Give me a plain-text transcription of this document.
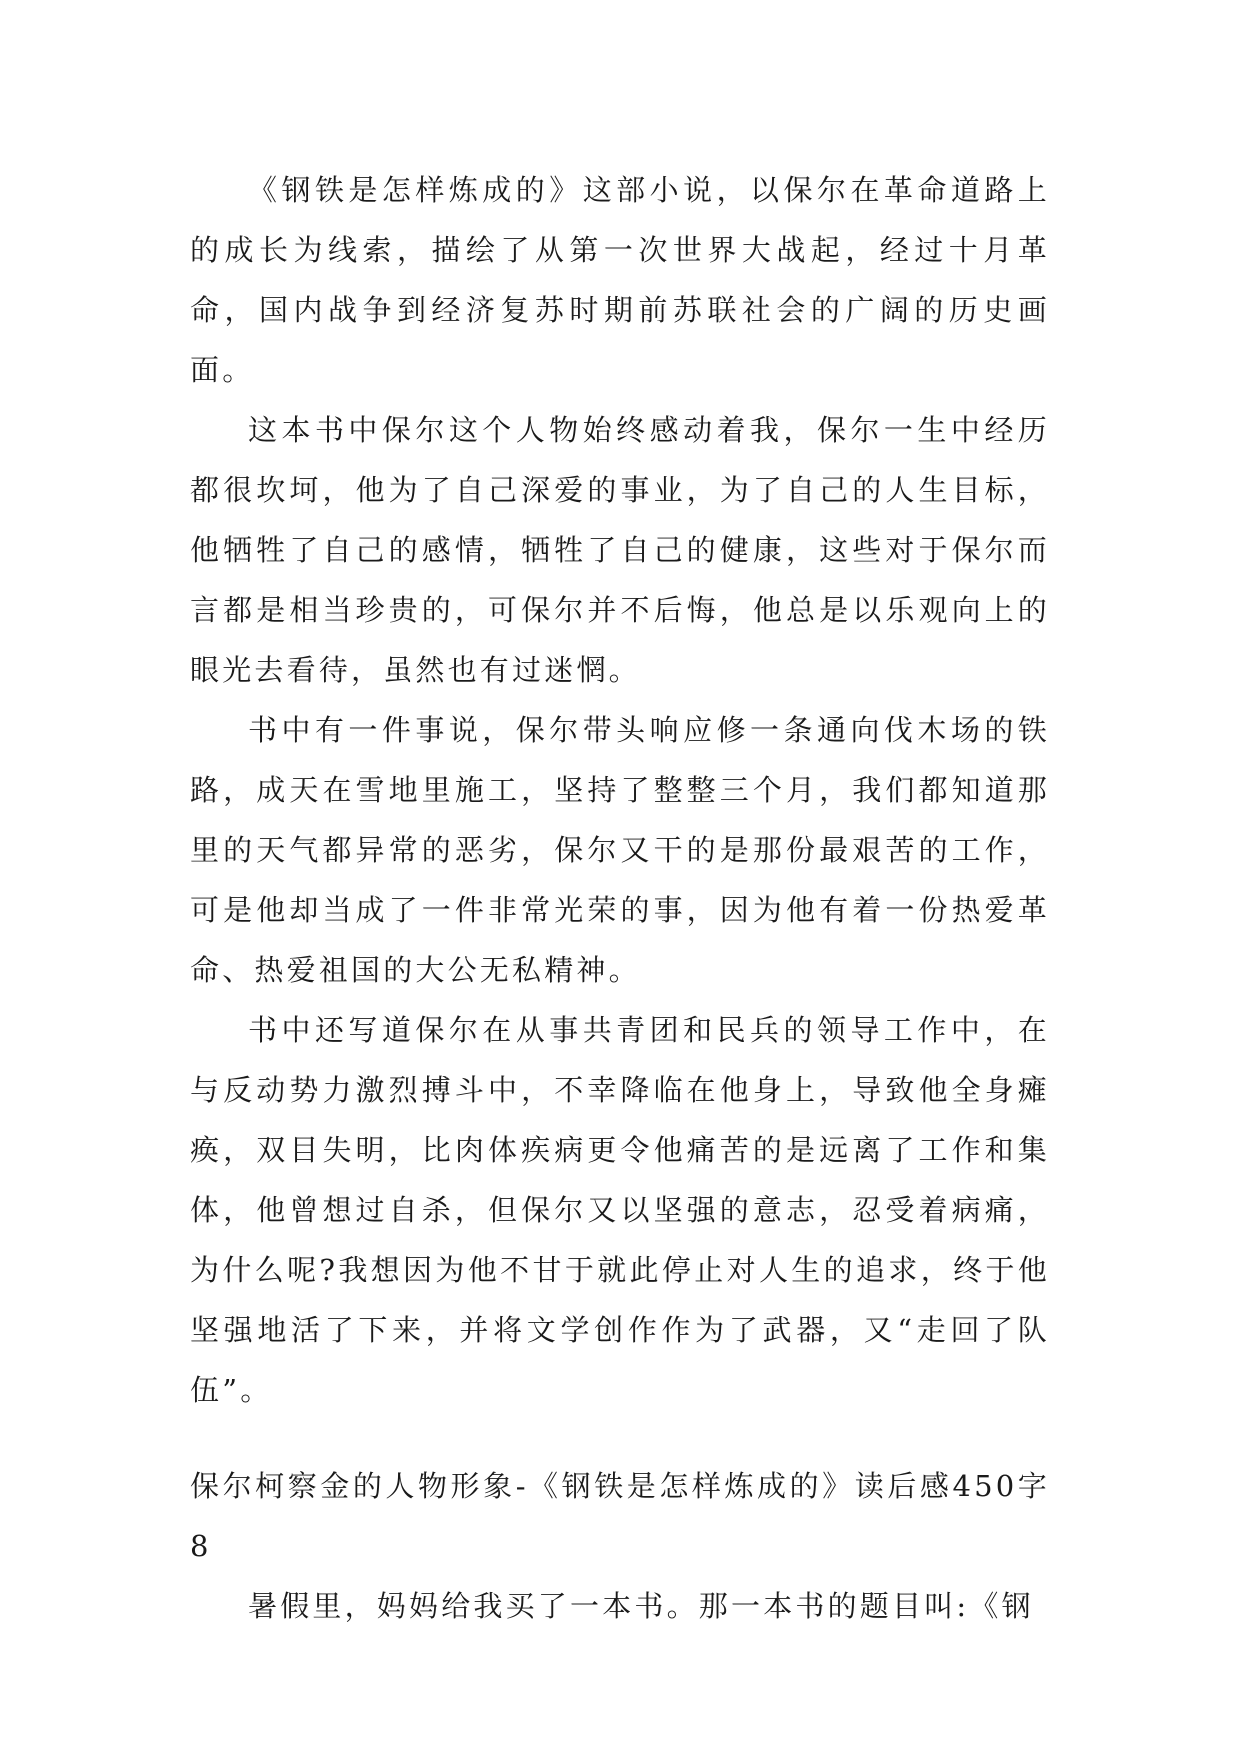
《钢铁是怎样炼成的》这部小说，以保尔在革命道路上的成长为线索，描绘了从第一次世界大战起，经过十月革命，国内战争到经济复苏时期前苏联社会的广阔的历史画面。

这本书中保尔这个人物始终感动着我，保尔一生中经历都很坎坷，他为了自己深爱的事业，为了自己的人生目标，他牺牲了自己的感情，牺牲了自己的健康，这些对于保尔而言都是相当珍贵的，可保尔并不后悔，他总是以乐观向上的眼光去看待，虽然也有过迷惘。

书中有一件事说，保尔带头响应修一条通向伐木场的铁路，成天在雪地里施工，坚持了整整三个月，我们都知道那里的天气都异常的恶劣，保尔又干的是那份最艰苦的工作，可是他却当成了一件非常光荣的事，因为他有着一份热爱革命、热爱祖国的大公无私精神。

书中还写道保尔在从事共青团和民兵的领导工作中，在与反动势力激烈搏斗中，不幸降临在他身上，导致他全身瘫痪，双目失明，比肉体疾病更令他痛苦的是远离了工作和集体，他曾想过自杀，但保尔又以坚强的意志，忍受着病痛，为什么呢?我想因为他不甘于就此停止对人生的追求，终于他坚强地活了下来，并将文学创作作为了武器，又“走回了队伍”。

保尔柯察金的人物形象-《钢铁是怎样炼成的》读后感450字8

暑假里，妈妈给我买了一本书。那一本书的题目叫:《钢
